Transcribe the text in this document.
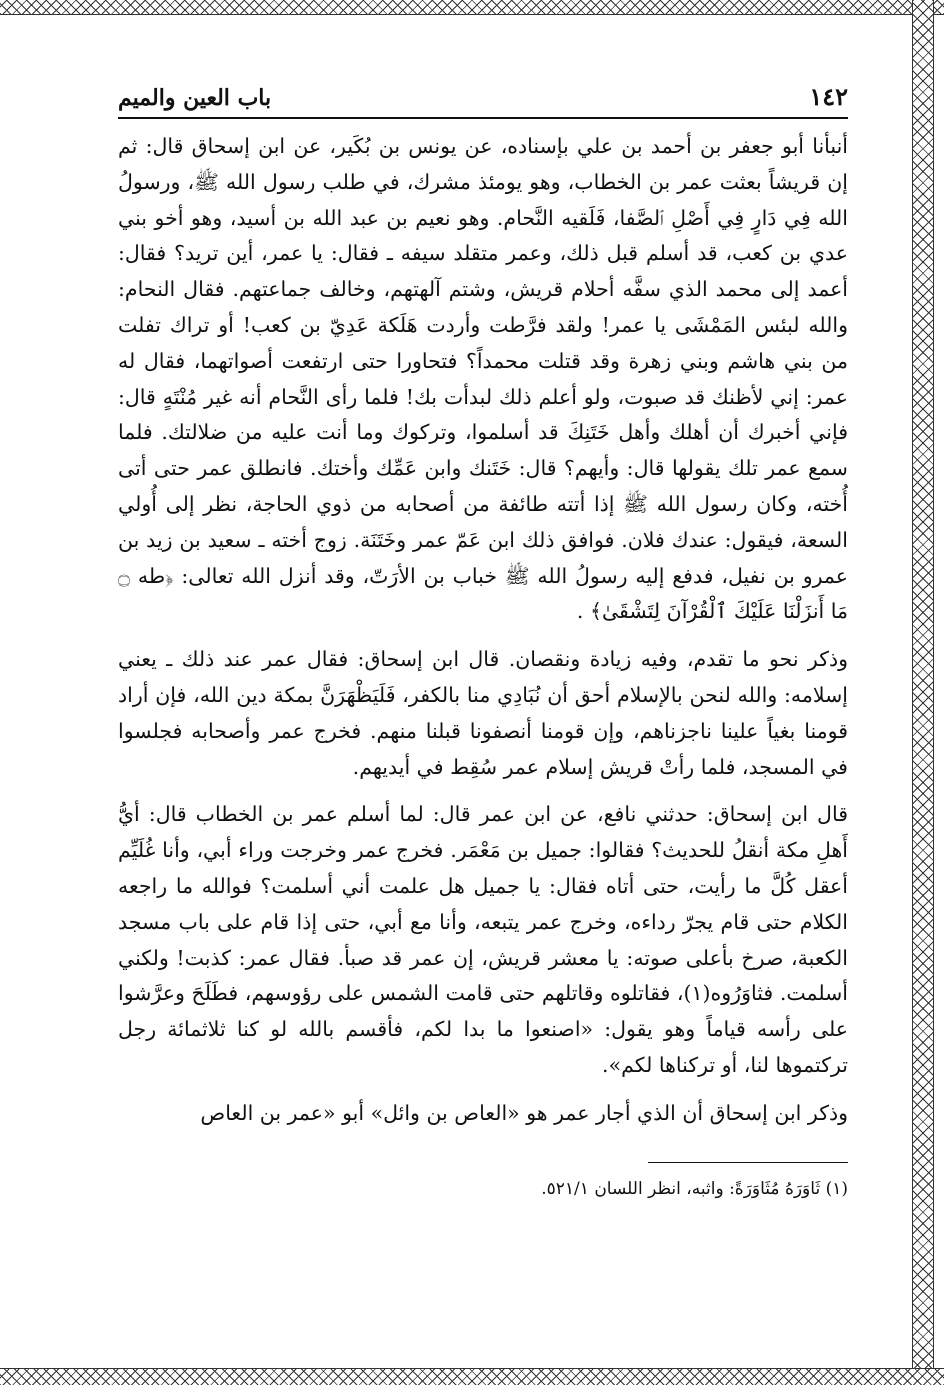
١٤٢
باب العين والميم

أنبأنا أبو جعفر بن أحمد بن علي بإسناده، عن يونس بن بُكَير، عن ابن إسحاق قال: ثم إن قريشاً بعثت عمر بن الخطاب، وهو يومئذ مشرك، في طلب رسول الله ﷺ، ورسولُ الله فِي دَارٍ فِي أَصْلِ ٱلصَّفا، فَلَقيه النَّحام. وهو نعيم بن عبد الله بن أسيد، وهو أخو بني عدي بن كعب، قد أسلم قبل ذلك، وعمر متقلد سيفه ـ فقال: يا عمر، أين تريد؟ فقال: أعمد إلى محمد الذي سفَّه أحلام قريش، وشتم آلهتهم، وخالف جماعتهم. فقال النحام: والله لبئس المَمْشَى يا عمر! ولقد فرَّطت وأردت هَلَكة عَدِيّ بن كعب! أو تراك تفلت من بني هاشم وبني زهرة وقد قتلت محمداً؟ فتحاورا حتى ارتفعت أصواتهما، فقال له عمر: إني لأظنك قد صبوت، ولو أعلم ذلك لبدأت بك! فلما رأى النَّحام أنه غير مُنْتَهٍ قال: فإني أخبرك أن أهلك وأهل خَتَنِكَ قد أسلموا، وتركوك وما أنت عليه من ضلالتك. فلما سمع عمر تلك يقولها قال: وأيهم؟ قال: خَتَنك وابن عَمِّك وأختك. فانطلق عمر حتى أتى أُخته، وكان رسول الله ﷺ إذا أتته طائفة من أصحابه من ذوي الحاجة، نظر إلى أُولي السعة، فيقول: عندك فلان. فوافق ذلك ابن عَمّ عمر وخَتَنَة. زوج أخته ـ سعيد بن زيد بن عمرو بن نفيل، فدفع إليه رسولُ الله ﷺ خباب بن الأرَتّ، وقد أنزل الله تعالى: ﴿طه ۝ مَا أَنزَلْنَا عَلَيْكَ ٱلْقُرْآنَ لِتَشْقَىٰ﴾ .

وذكر نحو ما تقدم، وفيه زيادة ونقصان. قال ابن إسحاق: فقال عمر عند ذلك ـ يعني إسلامه: والله لنحن بالإسلام أحق أن نُبَادِي منا بالكفر، فَلَيَظْهَرَنَّ بمكة دين الله، فإن أراد قومنا بغياً علينا ناجزناهم، وإن قومنا أنصفونا قبلنا منهم. فخرج عمر وأصحابه فجلسوا في المسجد، فلما رأتْ قريش إسلام عمر سُقِط في أيديهم.

قال ابن إسحاق: حدثني نافع، عن ابن عمر قال: لما أسلم عمر بن الخطاب قال: أيُّ أَهلِ مكة أنقلُ للحديث؟ فقالوا: جميل بن مَعْمَر. فخرج عمر وخرجت وراء أبي، وأنا غُلَيِّم أعقل كُلَّ ما رأيت، حتى أتاه فقال: يا جميل هل علمت أني أسلمت؟ فوالله ما راجعه الكلام حتى قام يجرّ رداءه، وخرج عمر يتبعه، وأنا مع أبي، حتى إذا قام على باب مسجد الكعبة، صرخ بأعلى صوته: يا معشر قريش، إن عمر قد صبأ. فقال عمر: كذبت! ولكني أسلمت. فثاوَرُوه(١)، فقاتلوه وقاتلهم حتى قامت الشمس على رؤوسهم، فطَلَحَ وعرَّشوا على رأسه قياماً وهو يقول: «اصنعوا ما بدا لكم، فأقسم بالله لو كنا ثلاثمائة رجل تركتموها لنا، أو تركناها لكم».

وذكر ابن إسحاق أن الذي أجار عمر هو «العاص بن وائل» أبو «عمر بن العاص

(١) ثَاوَرَهُ مُثَاوَرَةً: واثبه، انظر اللسان ٥٢١/١.
